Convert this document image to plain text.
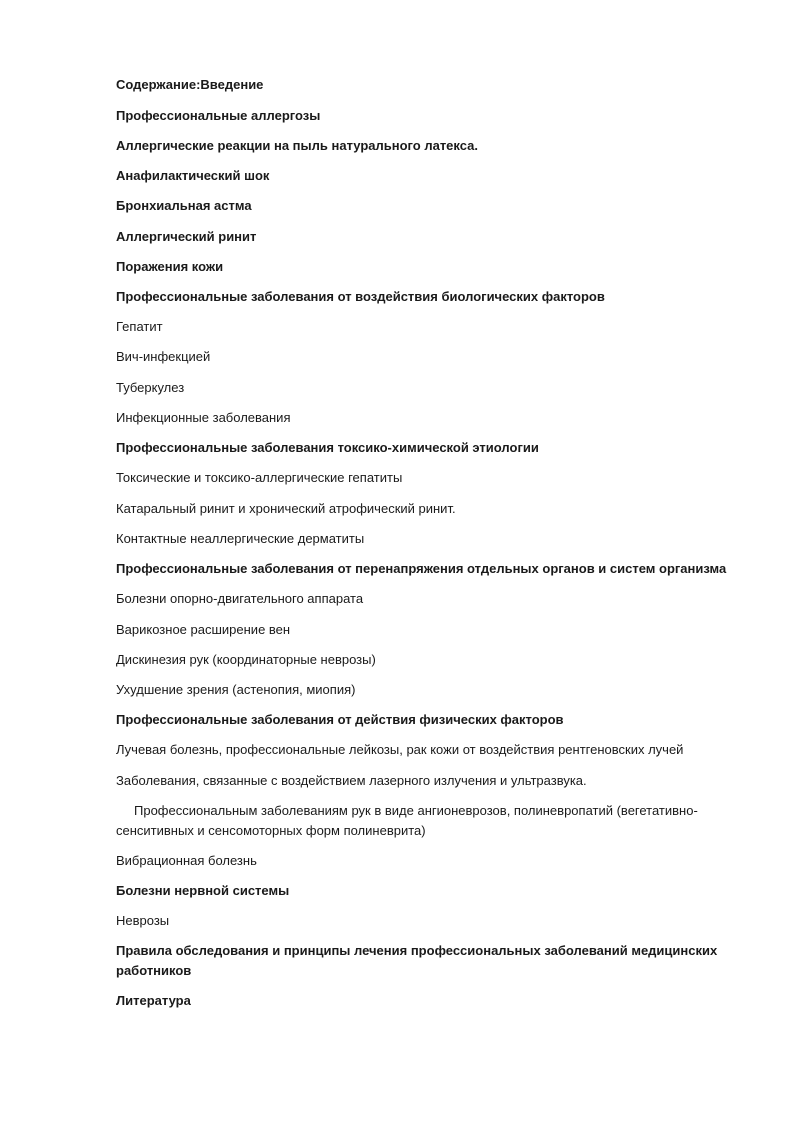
Содержание:Введение
Профессиональные аллергозы
Аллергические реакции на пыль натурального латекса.
Анафилактический шок
Бронхиальная астма
Аллергический ринит
Поражения кожи
Профессиональные заболевания от воздействия биологических факторов
Гепатит
Вич-инфекцией
Туберкулез
Инфекционные заболевания
Профессиональные заболевания токсико-химической этиологии
Токсические и токсико-аллергические гепатиты
Катаральный ринит и хронический атрофический ринит.
Контактные неаллергические дерматиты
Профессиональные заболевания от перенапряжения отдельных органов и систем организма
Болезни опорно-двигательного аппарата
Варикозное расширение вен
Дискинезия рук (координаторные неврозы)
Ухудшение зрения (астенопия, миопия)
Профессиональные заболевания от действия физических факторов
Лучевая болезнь, профессиональные лейкозы, рак кожи от воздействия рентгеновских лучей
Заболевания, связанные с воздействием лазерного излучения и ультразвука.
Профессиональным заболеваниям рук в виде ангионеврозов, полиневропатий (вегетативно-сенситивных и сенсомоторных форм полиневрита)
Вибрационная болезнь
Болезни нервной системы
Неврозы
Правила обследования и принципы лечения профессиональных заболеваний медицинских работников
Литература
